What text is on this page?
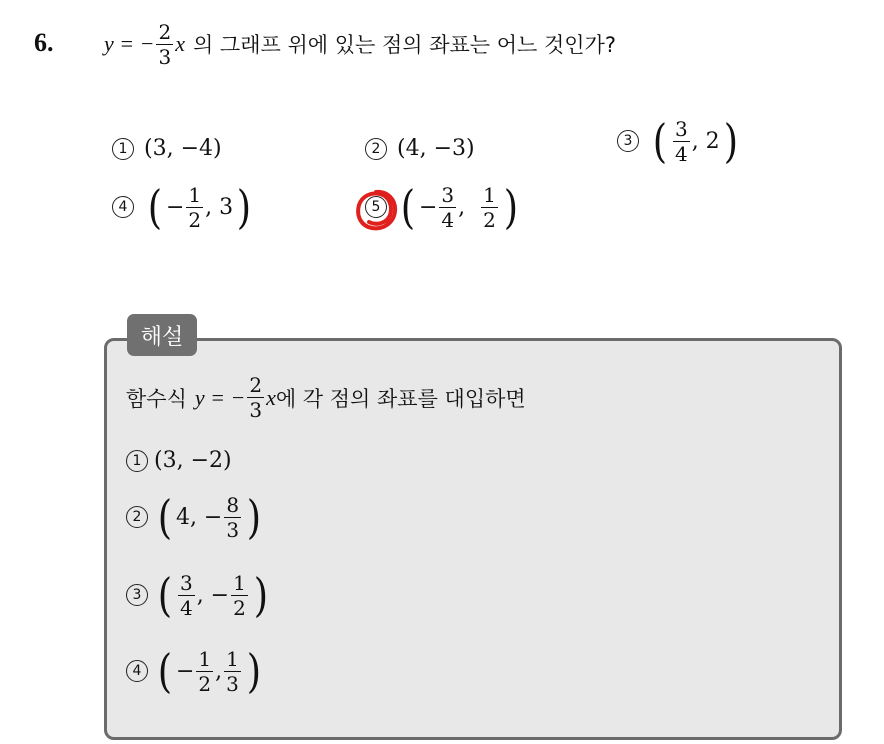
6. y = − $\frac{2}{3}$ x 의 그래프 위에 있는 점의 좌표는 어느 것인가?
1 (3, −4)	2 (4, −3)	3 ( $\frac{3}{4}$ , 2 )
4 ( − $\frac{1}{2}$ , 3 )	5 ( − $\frac{3}{4}$ , $\frac{1}{2}$ )
해설
함수식 y = − $\frac{2}{3}$ x 에 각 점의 좌표를 대입하면
1 (3, −2)
2 ( 4, − $\frac{8}{3}$ )
3 ( $\frac{3}{4}$ , − $\frac{1}{2}$ )
4 ( − $\frac{1}{2}$ , $\frac{1}{3}$ )
